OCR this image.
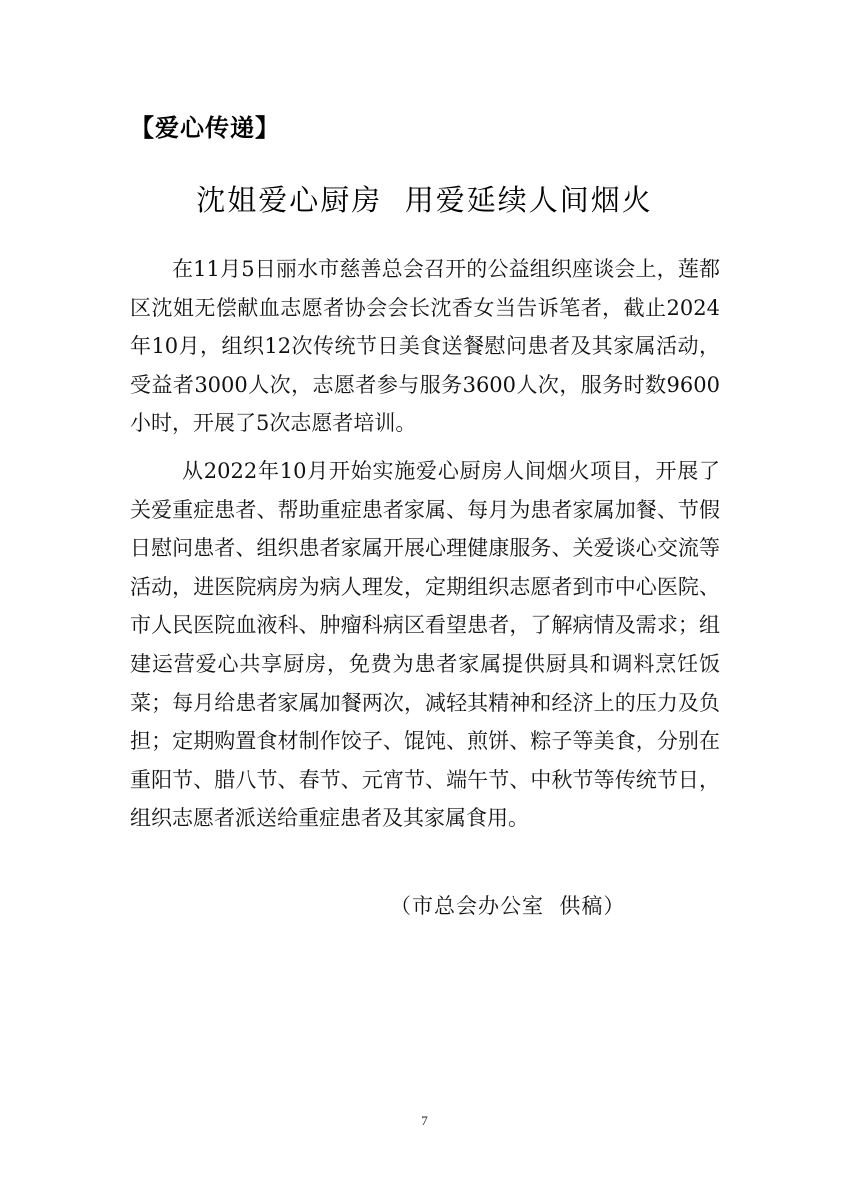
【爱心传递】
沈姐爱心厨房  用爱延续人间烟火

在11月5日丽水市慈善总会召开的公益组织座谈会上，莲都区沈姐无偿献血志愿者协会会长沈香女当告诉笔者，截止2024年10月，组织12次传统节日美食送餐慰问患者及其家属活动，受益者3000人次，志愿者参与服务3600人次，服务时数9600小时，开展了5次志愿者培训。

从2022年10月开始实施爱心厨房人间烟火项目，开展了关爱重症患者、帮助重症患者家属、每月为患者家属加餐、节假日慰问患者、组织患者家属开展心理健康服务、关爱谈心交流等活动，进医院病房为病人理发，定期组织志愿者到市中心医院、市人民医院血液科、肿瘤科病区看望患者，了解病情及需求；组建运营爱心共享厨房，免费为患者家属提供厨具和调料烹饪饭菜；每月给患者家属加餐两次，减轻其精神和经济上的压力及负担；定期购置食材制作饺子、馄饨、煎饼、粽子等美食，分别在重阳节、腊八节、春节、元宵节、端午节、中秋节等传统节日，组织志愿者派送给重症患者及其家属食用。

（市总会办公室  供稿）
7
